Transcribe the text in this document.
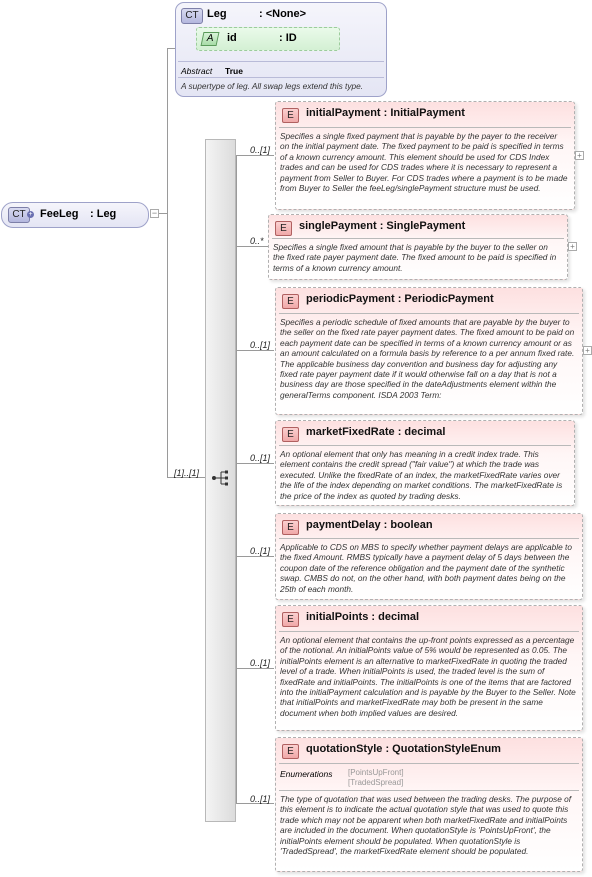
CT + FeeLeg : Leg	−
CT Leg	: <None>
A	id	: ID
Abstract True
A supertype of leg. All swap legs extend this type.
[1]..[1]
0..[1]
E	initialPayment : InitialPayment
Specifies a single fixed payment that is payable by the payer to the receiver on the initial payment date. The fixed payment to be paid is specified in terms of a known currency amount. This element should be used for CDS Index trades and can be used for CDS trades where it is necessary to represent a payment from Seller to Buyer. For CDS trades where a payment is to be made from Buyer to Seller the feeLeg/singlePayment structure must be used.
+
0..*
E	singlePayment : SinglePayment
Specifies a single fixed amount that is payable by the buyer to the seller on the fixed rate payer payment date. The fixed amount to be paid is specified in terms of a known currency amount.
+
0..[1]
E	periodicPayment : PeriodicPayment
Specifies a periodic schedule of fixed amounts that are payable by the buyer to the seller on the fixed rate payer payment dates. The fixed amount to be paid on each payment date can be specified in terms of a known currency amount or as an amount calculated on a formula basis by reference to a per annum fixed rate. The applicable business day convention and business day for adjusting any fixed rate payer payment date if it would otherwise fall on a day that is not a business day are those specified in the dateAdjustments element within the generalTerms component. ISDA 2003 Term:
+
0..[1]
E	marketFixedRate : decimal
An optional element that only has meaning in a credit index trade. This element contains the credit spread ("fair value") at which the trade was executed. Unlike the fixedRate of an index, the marketFixedRate varies over the life of the index depending on market conditions. The marketFixedRate is the price of the index as quoted by trading desks.
0..[1]
E	paymentDelay : boolean
Applicable to CDS on MBS to specify whether payment delays are applicable to the fixed Amount. RMBS typically have a payment delay of 5 days between the coupon date of the reference obligation and the payment date of the synthetic swap. CMBS do not, on the other hand, with both payment dates being on the 25th of each month.
0..[1]
E	initialPoints : decimal
An optional element that contains the up-front points expressed as a percentage of the notional. An initialPoints value of 5% would be represented as 0.05. The initialPoints element is an alternative to marketFixedRate in quoting the traded level of a trade. When initialPoints is used, the traded level is the sum of fixedRate and initialPoints. The initialPoints is one of the items that are factored into the initialPayment calculation and is payable by the Buyer to the Seller. Note that initialPoints and marketFixedRate may both be present in the same document when both implied values are desired.
0..[1]
E	quotationStyle : QuotationStyleEnum
Enumerations [PointsUpFront]
[TradedSpread]
The type of quotation that was used between the trading desks. The purpose of this element is to indicate the actual quotation style that was used to quote this trade which may not be apparent when both marketFixedRate and initialPoints are included in the document. When quotationStyle is 'PointsUpFront', the initialPoints element should be populated. When quotationStyle is 'TradedSpread', the marketFixedRate element should be populated.
